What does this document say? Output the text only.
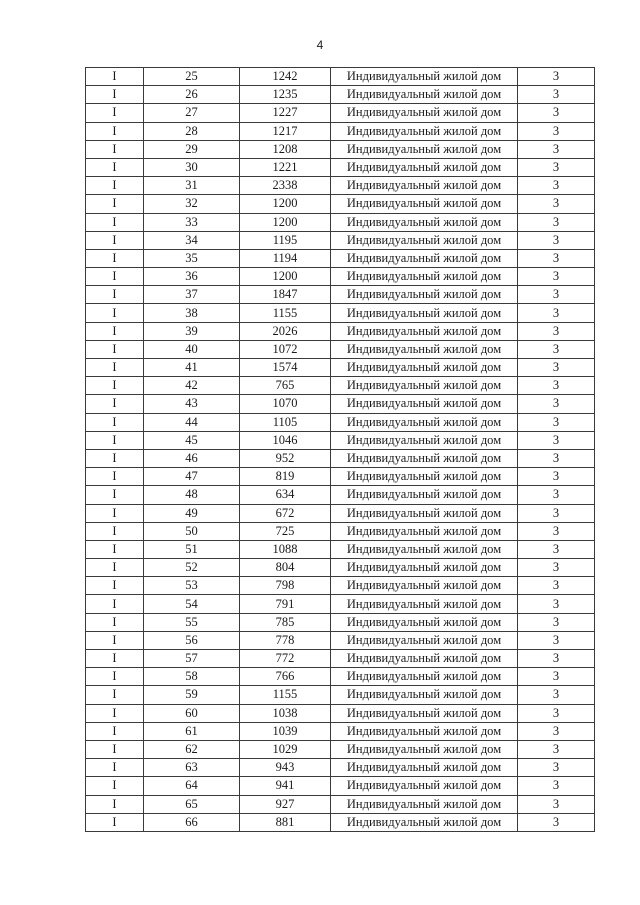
4
I	25	1242	Индивидуальный жилой дом	3
I	26	1235	Индивидуальный жилой дом	3
I	27	1227	Индивидуальный жилой дом	3
I	28	1217	Индивидуальный жилой дом	3
I	29	1208	Индивидуальный жилой дом	3
I	30	1221	Индивидуальный жилой дом	3
I	31	2338	Индивидуальный жилой дом	3
I	32	1200	Индивидуальный жилой дом	3
I	33	1200	Индивидуальный жилой дом	3
I	34	1195	Индивидуальный жилой дом	3
I	35	1194	Индивидуальный жилой дом	3
I	36	1200	Индивидуальный жилой дом	3
I	37	1847	Индивидуальный жилой дом	3
I	38	1155	Индивидуальный жилой дом	3
I	39	2026	Индивидуальный жилой дом	3
I	40	1072	Индивидуальный жилой дом	3
I	41	1574	Индивидуальный жилой дом	3
I	42	765	Индивидуальный жилой дом	3
I	43	1070	Индивидуальный жилой дом	3
I	44	1105	Индивидуальный жилой дом	3
I	45	1046	Индивидуальный жилой дом	3
I	46	952	Индивидуальный жилой дом	3
I	47	819	Индивидуальный жилой дом	3
I	48	634	Индивидуальный жилой дом	3
I	49	672	Индивидуальный жилой дом	3
I	50	725	Индивидуальный жилой дом	3
I	51	1088	Индивидуальный жилой дом	3
I	52	804	Индивидуальный жилой дом	3
I	53	798	Индивидуальный жилой дом	3
I	54	791	Индивидуальный жилой дом	3
I	55	785	Индивидуальный жилой дом	3
I	56	778	Индивидуальный жилой дом	3
I	57	772	Индивидуальный жилой дом	3
I	58	766	Индивидуальный жилой дом	3
I	59	1155	Индивидуальный жилой дом	3
I	60	1038	Индивидуальный жилой дом	3
I	61	1039	Индивидуальный жилой дом	3
I	62	1029	Индивидуальный жилой дом	3
I	63	943	Индивидуальный жилой дом	3
I	64	941	Индивидуальный жилой дом	3
I	65	927	Индивидуальный жилой дом	3
I	66	881	Индивидуальный жилой дом	3
